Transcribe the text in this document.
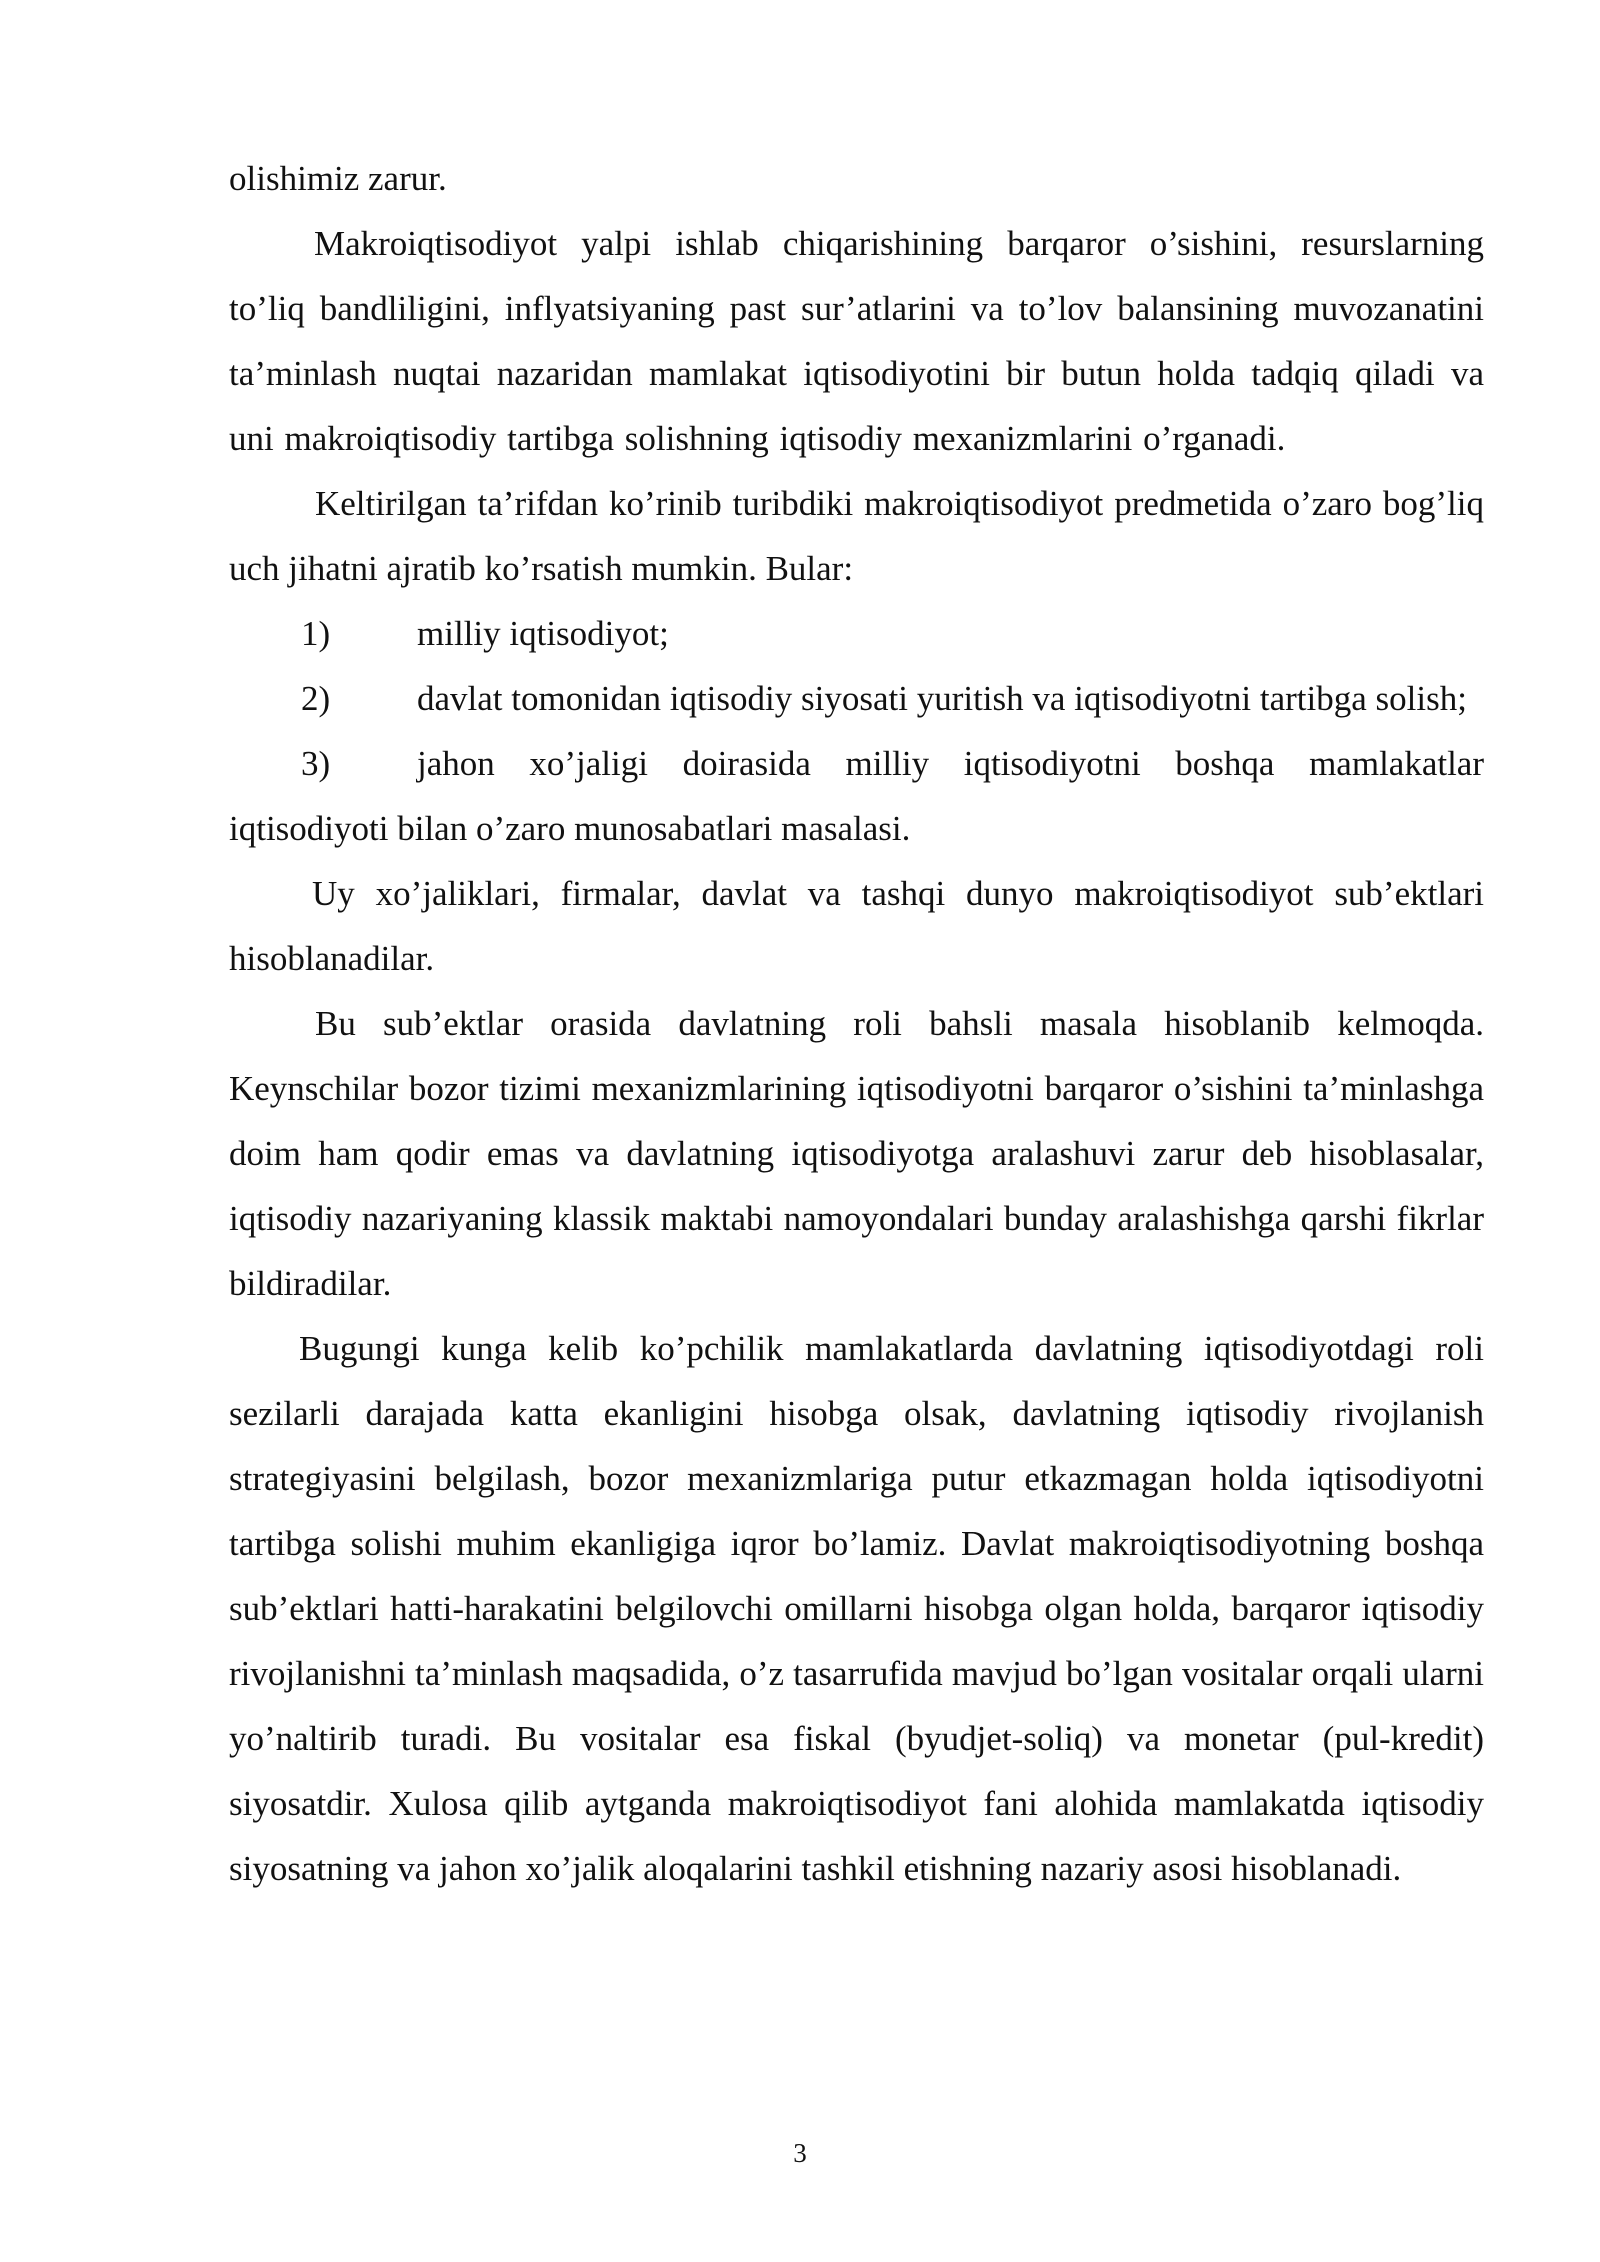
olishimiz zarur.

Makroiqtisodiyot yalpi ishlab chiqarishining barqaror o’sishini, resurslarning to’liq bandliligini, inflyatsiyaning past sur’atlarini va to’lov balansining muvozanatini ta’minlash nuqtai nazaridan mamlakat iqtisodiyotini bir butun holda tadqiq qiladi va uni makroiqtisodiy tartibga solishning iqtisodiy mexanizmlarini o’rganadi.

Keltirilgan ta’rifdan ko’rinib turibdiki makroiqtisodiyot predmetida o’zaro bog’liq uch jihatni ajratib ko’rsatish mumkin. Bular:

1) milliy iqtisodiyot;
2) davlat tomonidan iqtisodiy siyosati yuritish va iqtisodiyotni tartibga solish;
3) jahon xo’jaligi doirasida milliy iqtisodiyotni boshqa mamlakatlar iqtisodiyoti bilan o’zaro munosabatlari masalasi.

Uy xo’jaliklari, firmalar, davlat va tashqi dunyo makroiqtisodiyot sub’ektlari hisoblanadilar.

Bu sub’ektlar orasida davlatning roli bahsli masala hisoblanib kelmoqda. Keynschilar bozor tizimi mexanizmlarining iqtisodiyotni barqaror o’sishini ta’minlashga doim ham qodir emas va davlatning iqtisodiyotga aralashuvi zarur deb hisoblasalar, iqtisodiy nazariyaning klassik maktabi namoyondalari bunday aralashishga qarshi fikrlar bildiradilar.

Bugungi kunga kelib ko’pchilik mamlakatlarda davlatning iqtisodiyotdagi roli sezilarli darajada katta ekanligini hisobga olsak, davlatning iqtisodiy rivojlanish strategiyasini belgilash, bozor mexanizmlariga putur etkazmagan holda iqtisodiyotni tartibga solishi muhim ekanligiga iqror bo’lamiz. Davlat makroiqtisodiyotning boshqa sub’ektlari hatti-harakatini belgilovchi omillarni hisobga olgan holda, barqaror iqtisodiy rivojlanishni ta’minlash maqsadida, o’z tasarrufida mavjud bo’lgan vositalar orqali ularni yo’naltirib turadi. Bu vositalar esa fiskal (byudjet-soliq) va monetar (pul-kredit) siyosatdir. Xulosa qilib aytganda makroiqtisodiyot fani alohida mamlakatda iqtisodiy siyosatning va jahon xo’jalik aloqalarini tashkil etishning nazariy asosi hisoblanadi.

3
